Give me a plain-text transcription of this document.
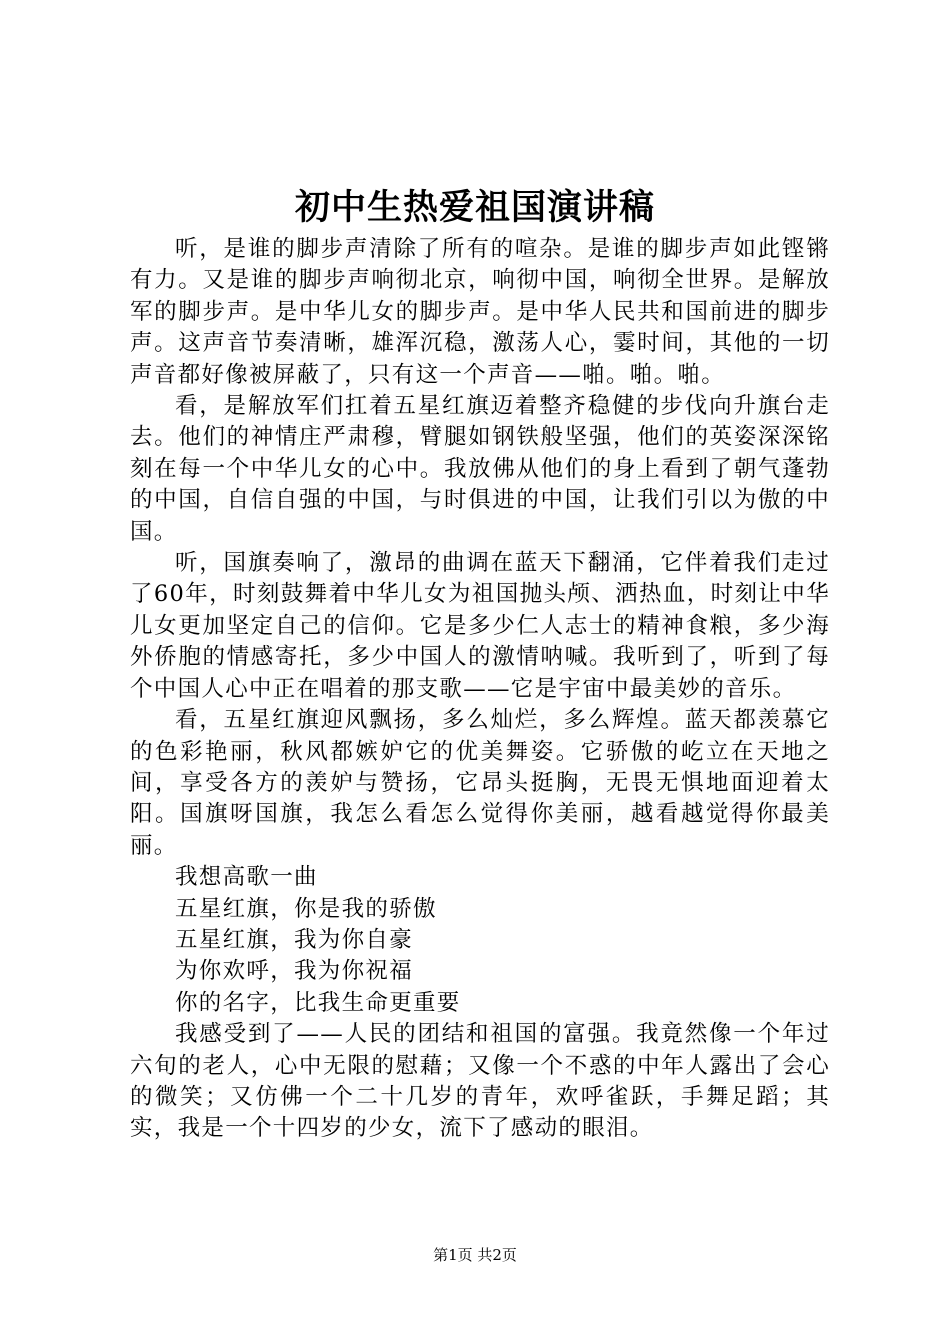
初中生热爱祖国演讲稿

听，是谁的脚步声清除了所有的喧杂。是谁的脚步声如此铿锵有力。又是谁的脚步声响彻北京，响彻中国，响彻全世界。是解放军的脚步声。是中华儿女的脚步声。是中华人民共和国前进的脚步声。这声音节奏清晰，雄浑沉稳，激荡人心，霎时间，其他的一切声音都好像被屏蔽了，只有这一个声音——啪。啪。啪。

看，是解放军们扛着五星红旗迈着整齐稳健的步伐向升旗台走去。他们的神情庄严肃穆，臂腿如钢铁般坚强，他们的英姿深深铭刻在每一个中华儿女的心中。我放佛从他们的身上看到了朝气蓬勃的中国，自信自强的中国，与时俱进的中国，让我们引以为傲的中国。

听，国旗奏响了，激昂的曲调在蓝天下翻涌，它伴着我们走过了60年，时刻鼓舞着中华儿女为祖国抛头颅、洒热血，时刻让中华儿女更加坚定自己的信仰。它是多少仁人志士的精神食粮，多少海外侨胞的情感寄托，多少中国人的激情呐喊。我听到了，听到了每个中国人心中正在唱着的那支歌——它是宇宙中最美妙的音乐。

看，五星红旗迎风飘扬，多么灿烂，多么辉煌。蓝天都羡慕它的色彩艳丽，秋风都嫉妒它的优美舞姿。它骄傲的屹立在天地之间，享受各方的羡妒与赞扬，它昂头挺胸，无畏无惧地面迎着太阳。国旗呀国旗，我怎么看怎么觉得你美丽，越看越觉得你最美丽。

我想高歌一曲

五星红旗，你是我的骄傲

五星红旗，我为你自豪

为你欢呼，我为你祝福

你的名字，比我生命更重要

我感受到了——人民的团结和祖国的富强。我竟然像一个年过六旬的老人，心中无限的慰藉；又像一个不惑的中年人露出了会心的微笑；又仿佛一个二十几岁的青年，欢呼雀跃，手舞足蹈；其实，我是一个十四岁的少女，流下了感动的眼泪。

第1页 共2页
